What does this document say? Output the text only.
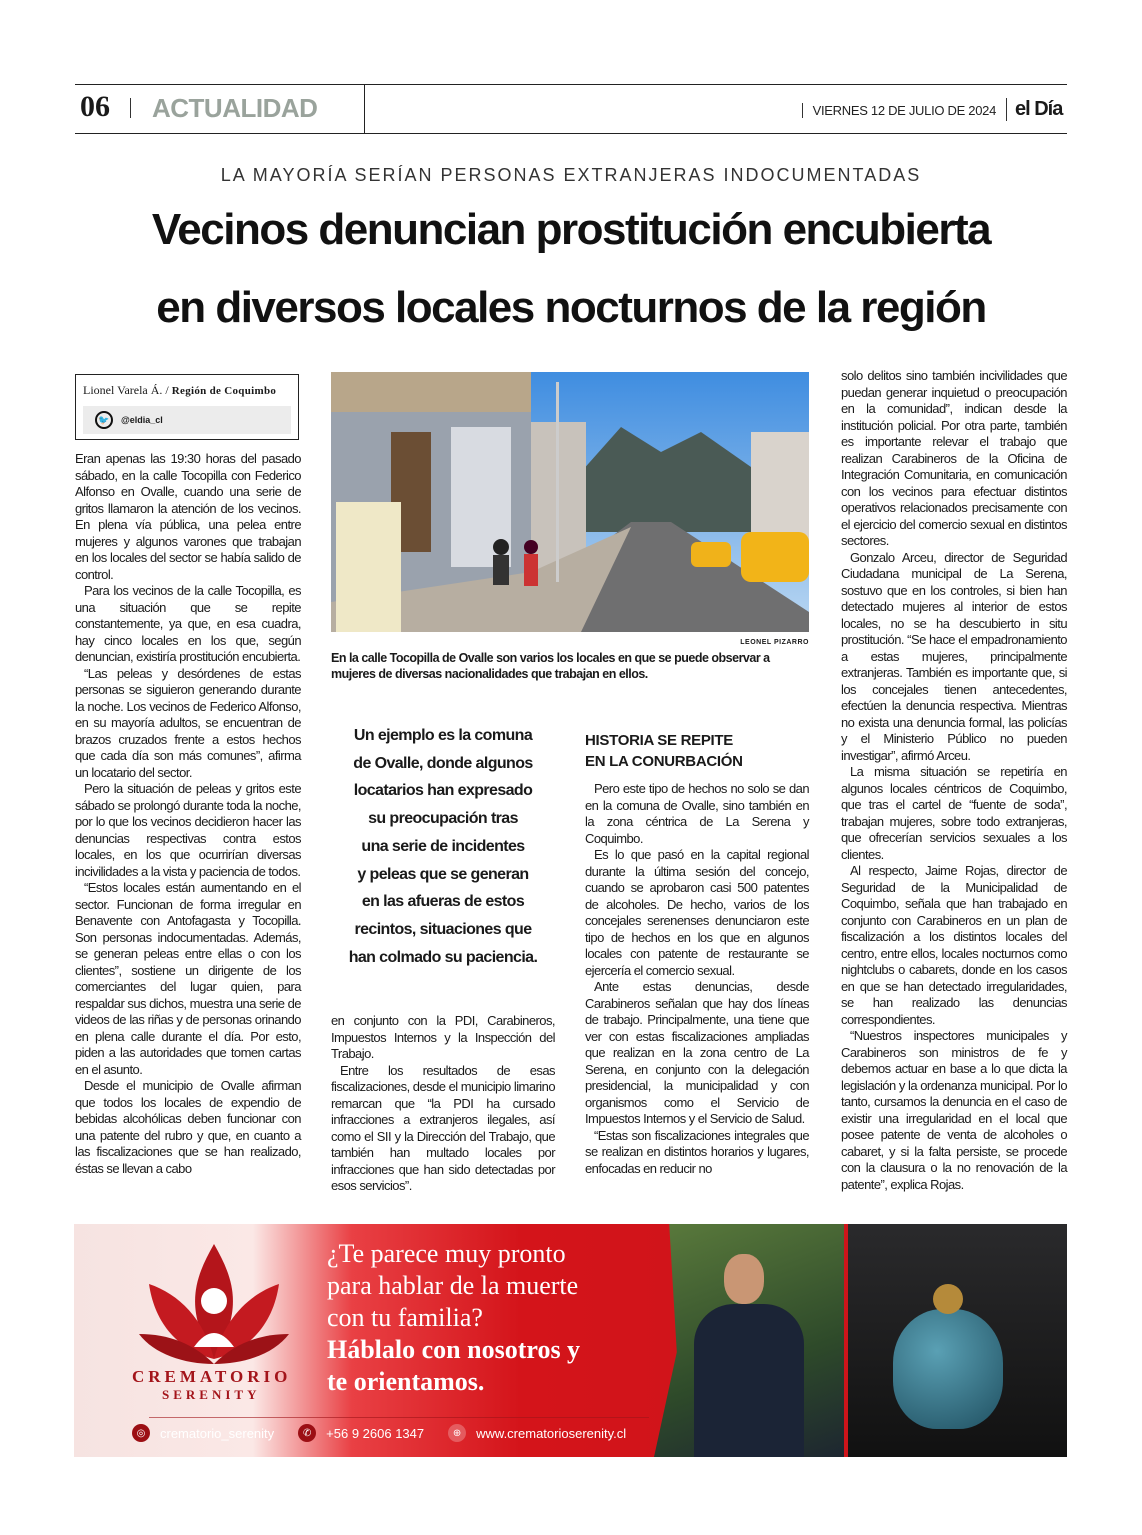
06 ACTUALIDAD	VIERNES 12 DE JULIO DE 2024 el Día
LA MAYORÍA SERÍAN PERSONAS EXTRANJERAS INDOCUMENTADAS
Vecinos denuncian prostitución encubierta
en diversos locales nocturnos de la región
Lionel Varela Á. / Región de Coquimbo
🐦	@eldia_cl

Eran apenas las 19:30 horas del pasado sábado, en la calle Tocopilla con Federico Alfonso en Ovalle, cuando una serie de gritos llamaron la atención de los vecinos. En plena vía pública, una pelea entre mujeres y algunos varones que trabajan en los locales del sector se había salido de control.

Para los vecinos de la calle Tocopilla, es una situación que se repite constantemente, ya que, en esa cuadra, hay cinco locales en los que, según denuncian, existiría prostitución encubierta.

“Las peleas y desórdenes de estas personas se siguieron generando durante la noche. Los vecinos de Federico Alfonso, en su mayoría adultos, se encuentran de brazos cruzados frente a estos hechos que cada día son más comunes”, afirma un locatario del sector.

Pero la situación de peleas y gritos este sábado se prolongó durante toda la noche, por lo que los vecinos decidieron hacer las denuncias respectivas contra estos locales, en los que ocurrirían diversas incivilidades a la vista y paciencia de todos.

“Estos locales están aumentando en el sector. Funcionan de forma irregular en Benavente con Antofagasta y Tocopilla. Son personas indocumentadas. Además, se generan peleas entre ellas o con los clientes”, sostiene un dirigente de los comerciantes del lugar quien, para respaldar sus dichos, muestra una serie de videos de las riñas y de personas orinando en plena calle durante el día. Por esto, piden a las autoridades que tomen cartas en el asunto.

Desde el municipio de Ovalle afirman que todos los locales de expendio de bebidas alcohólicas deben funcionar con una patente del rubro y que, en cuanto a las fiscalizaciones que se han realizado, éstas se llevan a cabo

LEONEL PIZARRO
En la calle Tocopilla de Ovalle son varios los locales en que se puede observar a mujeres de diversas nacionalidades que trabajan en ellos.
Un ejemplo es la comuna
de Ovalle, donde algunos
locatarios han expresado
su preocupación tras
una serie de incidentes
y peleas que se generan
en las afueras de estos
recintos, situaciones que
han colmado su paciencia.

en conjunto con la PDI, Carabineros, Impuestos Internos y la Inspección del Trabajo.

Entre los resultados de esas fiscalizaciones, desde el municipio limarino remarcan que “la PDI ha cursado infracciones a extranjeros ilegales, así como el SII y la Dirección del Trabajo, que también han multado locales por infracciones que han sido detectadas por esos servicios”.

HISTORIA SE REPITE
EN LA CONURBACIÓN

Pero este tipo de hechos no solo se dan en la comuna de Ovalle, sino también en la zona céntrica de La Serena y Coquimbo.

Es lo que pasó en la capital regional durante la última sesión del concejo, cuando se aprobaron casi 500 patentes de alcoholes. De hecho, varios de los concejales serenenses denunciaron este tipo de hechos en los que en algunos locales con patente de restaurante se ejercería el comercio sexual.

Ante estas denuncias, desde Carabineros señalan que hay dos líneas de trabajo. Principalmente, una tiene que ver con estas fiscalizaciones ampliadas que realizan en la zona centro de La Serena, en conjunto con la delegación presidencial, la municipalidad y con organismos como el Servicio de Impuestos Internos y el Servicio de Salud.

“Estas son fiscalizaciones integrales que se realizan en distintos horarios y lugares, enfocadas en reducir no

solo delitos sino también incivilidades que puedan generar inquietud o preocupación en la comunidad”, indican desde la institución policial. Por otra parte, también es importante relevar el trabajo que realizan Carabineros de la Oficina de Integración Comunitaria, en comunicación con los vecinos para efectuar distintos operativos relacionados precisamente con el ejercicio del comercio sexual en distintos sectores.

Gonzalo Arceu, director de Seguridad Ciudadana municipal de La Serena, sostuvo que en los controles, si bien han detectado mujeres al interior de estos locales, no se ha descubierto in situ prostitución. “Se hace el empadronamiento a estas mujeres, principalmente extranjeras. También es importante que, si los concejales tienen antecedentes, efectúen la denuncia respectiva. Mientras no exista una denuncia formal, las policías y el Ministerio Público no pueden investigar”, afirmó Arceu.

La misma situación se repetiría en algunos locales céntricos de Coquimbo, que tras el cartel de “fuente de soda”, trabajan mujeres, sobre todo extranjeras, que ofrecerían servicios sexuales a los clientes.

Al respecto, Jaime Rojas, director de Seguridad de la Municipalidad de Coquimbo, señala que han trabajado en conjunto con Carabineros en un plan de fiscalización a los distintos locales del centro, entre ellos, locales nocturnos como nightclubs o cabarets, donde en los casos en que se han detectado irregularidades, se han realizado las denuncias correspondientes.

“Nuestros inspectores municipales y Carabineros son ministros de fe y debemos actuar en base a lo que dicta la legislación y la ordenanza municipal. Por lo tanto, cursamos la denuncia en el caso de existir una irregularidad en el local que posee patente de venta de alcoholes o cabaret, y si la falta persiste, se procede con la clausura o la no renovación de la patente”, explica Rojas.

CREMATORIO
SERENITY
¿Te parece muy pronto
para hablar de la muerte
con tu familia?
Háblalo con nosotros y
te orientamos.
◎	crematorio_serenity	✆	+56 9 2606 1347	⊕	www.crematorioserenity.cl
